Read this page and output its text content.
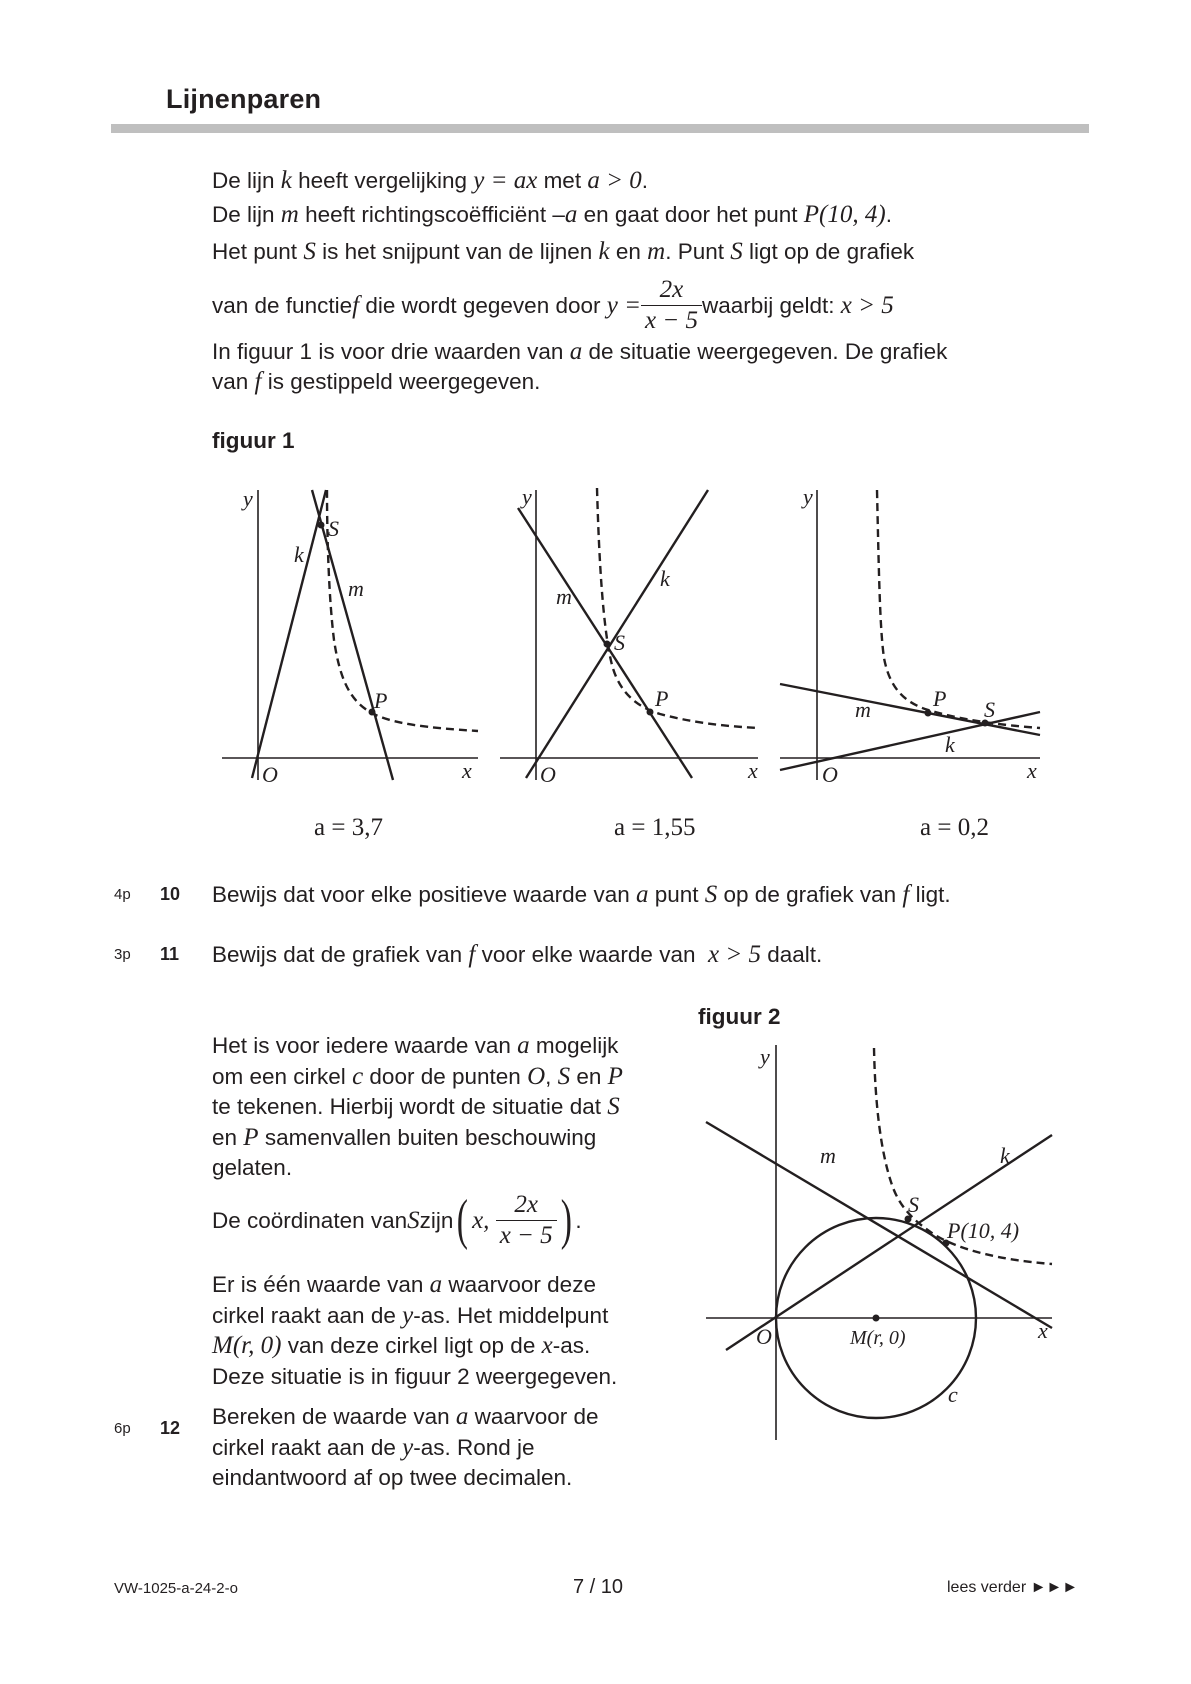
Lijnenparen
De lijn k heeft vergelijking y = ax met a > 0.
De lijn m heeft richtingscoëfficiënt –a en gaat door het punt P(10, 4).
Het punt S is het snijpunt van de lijnen k en m. Punt S ligt op de grafiek
van de functie f
die wordt gegeven door
$y = \frac{2x}{x - 5}$ waarbij geldt:
x > 5
In figuur 1 is voor drie waarden van a de situatie weergegeven. De grafiek
van f is gestippeld weergegeven.
figuur 1
y
x
O
S
P
k
m
y
x
O
S
P
k
m
y
x
O
S
P
k
m
a = 3,7	a = 1,55	a = 0,2
4p 10 Bewijs dat voor elke positieve waarde van a punt S op de grafiek van f ligt.
3p 11 Bewijs dat de grafiek van f voor elke waarde van  x > 5 daalt.
Het is voor iedere waarde van a mogelijk
om een cirkel c door de punten O, S en P
te tekenen. Hierbij wordt de situatie dat S
en P samenvallen buiten beschouwing
gelaten.
De coördinaten van S zijn ( x,
$\frac{2x}{x - 5}$ ) .
Er is één waarde van a waarvoor deze
cirkel raakt aan de y-as. Het middelpunt
M(r, 0) van deze cirkel ligt op de x-as.
Deze situatie is in figuur 2 weergegeven.
6p 12 Bereken de waarde van a waarvoor de
cirkel raakt aan de y-as. Rond je
eindantwoord af op twee decimalen.
figuur 2
y
x
O
S
P(10, 4)
k
m
M(r, 0)
c
VW-1025-a-24-2-o	7 / 10	lees verder ►►►
